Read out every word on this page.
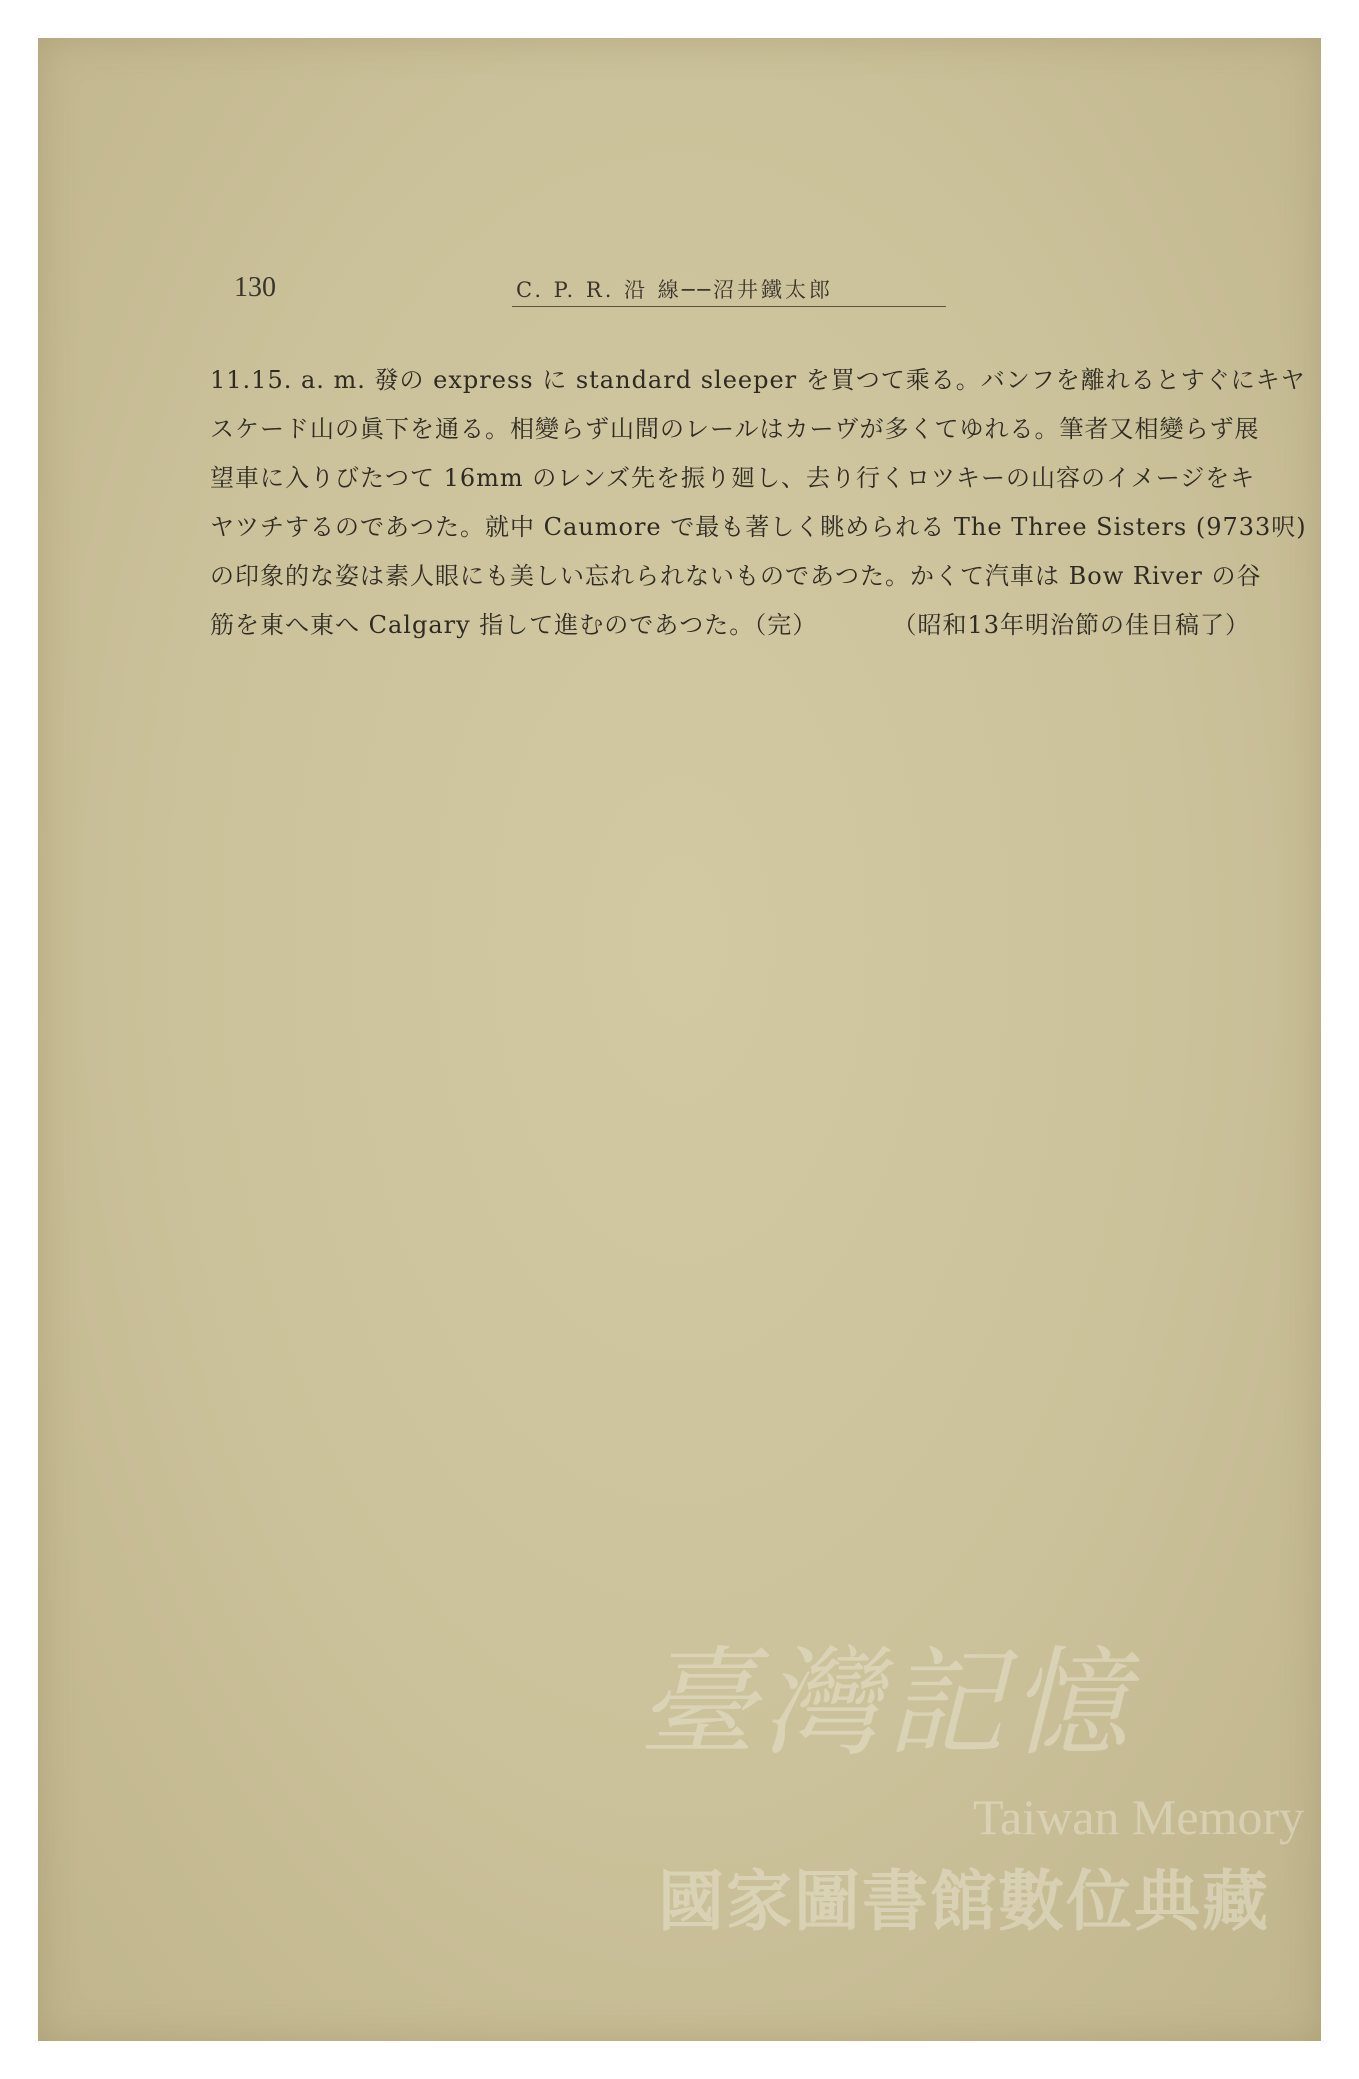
130	C. P. R. 沿 線──沼井鐵太郎
11.15. a. m. 發の express に standard sleeper を買つて乘る。バンフを離れるとすぐにキヤ
スケード山の眞下を通る。相變らず山間のレールはカーヴが多くてゆれる。筆者又相變らず展
望車に入りびたつて 16mm のレンズ先を振り廻し、去り行くロツキーの山容のイメージをキ
ヤツチするのであつた。就中 Caumore で最も著しく眺められる The Three Sisters (9733呎)
の印象的な姿は素人眼にも美しい忘れられないものであつた。かくて汽車は Bow River の谷
筋を東へ東へ Calgary 指して進むのであつた。（完）	（昭和13年明治節の佳日稿了）
臺灣記憶
Taiwan Memory
國家圖書館數位典藏
